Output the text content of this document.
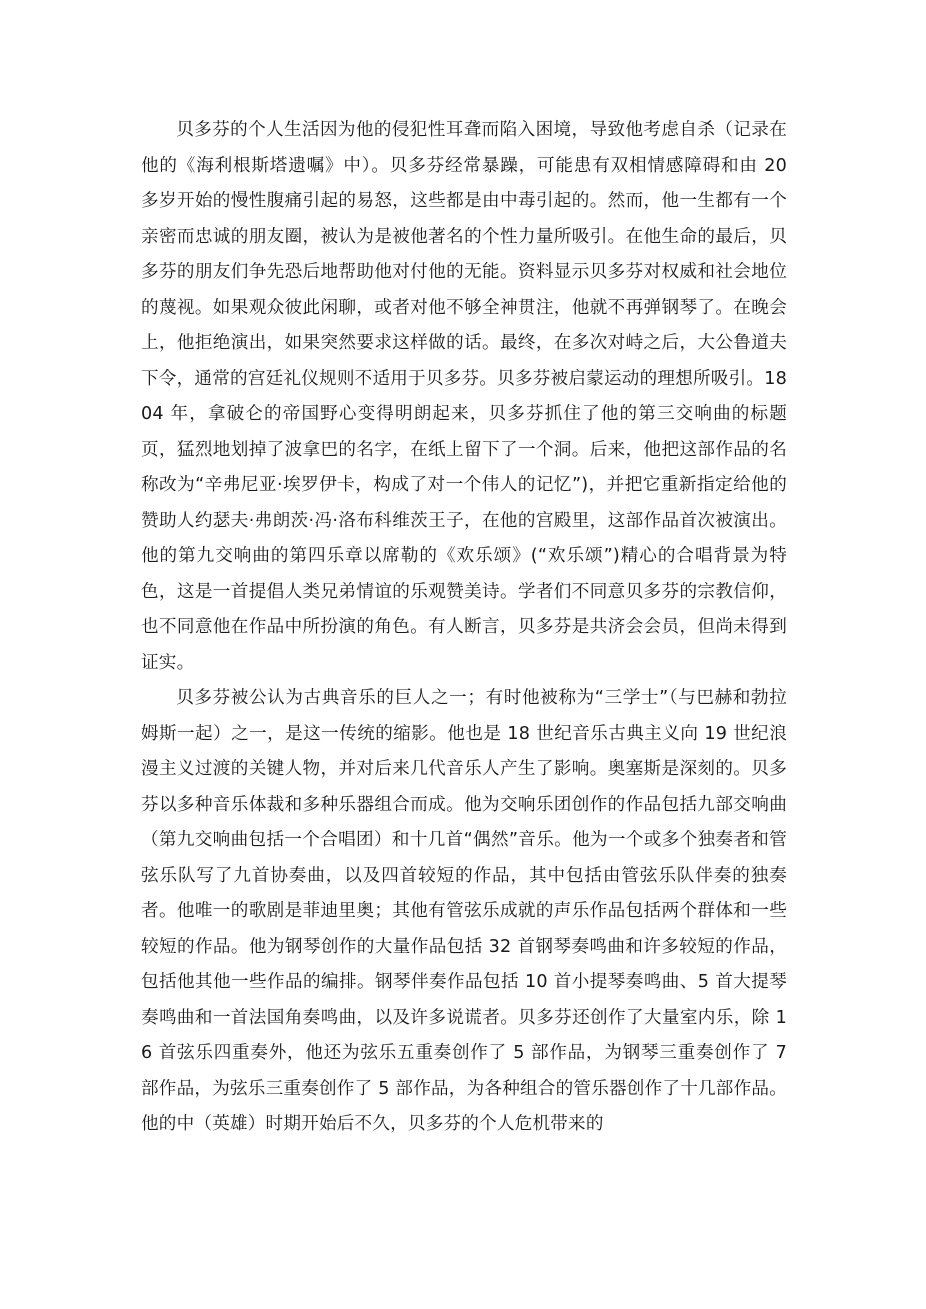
贝多芬的个人生活因为他的侵犯性耳聋而陷入困境，导致他考虑自杀（记录在他的《海利根斯塔遗嘱》中）。贝多芬经常暴躁，可能患有双相情感障碍和由 20 多岁开始的慢性腹痛引起的易怒，这些都是由中毒引起的。然而，他一生都有一个亲密而忠诚的朋友圈，被认为是被他著名的个性力量所吸引。在他生命的最后，贝多芬的朋友们争先恐后地帮助他对付他的无能。资料显示贝多芬对权威和社会地位的蔑视。如果观众彼此闲聊，或者对他不够全神贯注，他就不再弹钢琴了。在晚会上，他拒绝演出，如果突然要求这样做的话。最终，在多次对峙之后，大公鲁道夫下令，通常的宫廷礼仪规则不适用于贝多芬。贝多芬被启蒙运动的理想所吸引。1804 年，拿破仑的帝国野心变得明朗起来，贝多芬抓住了他的第三交响曲的标题页，猛烈地划掉了波拿巴的名字，在纸上留下了一个洞。后来，他把这部作品的名称改为“辛弗尼亚·埃罗伊卡，构成了对一个伟人的记忆”)，并把它重新指定给他的赞助人约瑟夫·弗朗茨·冯·洛布科维茨王子，在他的宫殿里，这部作品首次被演出。他的第九交响曲的第四乐章以席勒的《欢乐颂》(“欢乐颂”)精心的合唱背景为特色，这是一首提倡人类兄弟情谊的乐观赞美诗。学者们不同意贝多芬的宗教信仰，也不同意他在作品中所扮演的角色。有人断言，贝多芬是共济会会员，但尚未得到证实。

贝多芬被公认为古典音乐的巨人之一；有时他被称为“三学士”（与巴赫和勃拉姆斯一起）之一，是这一传统的缩影。他也是 18 世纪音乐古典主义向 19 世纪浪漫主义过渡的关键人物，并对后来几代音乐人产生了影响。奥塞斯是深刻的。贝多芬以多种音乐体裁和多种乐器组合而成。他为交响乐团创作的作品包括九部交响曲（第九交响曲包括一个合唱团）和十几首“偶然”音乐。他为一个或多个独奏者和管弦乐队写了九首协奏曲，以及四首较短的作品，其中包括由管弦乐队伴奏的独奏者。他唯一的歌剧是菲迪里奥；其他有管弦乐成就的声乐作品包括两个群体和一些较短的作品。他为钢琴创作的大量作品包括 32 首钢琴奏鸣曲和许多较短的作品，包括他其他一些作品的编排。钢琴伴奏作品包括 10 首小提琴奏鸣曲、5 首大提琴奏鸣曲和一首法国角奏鸣曲，以及许多说谎者。贝多芬还创作了大量室内乐，除 16 首弦乐四重奏外，他还为弦乐五重奏创作了 5 部作品，为钢琴三重奏创作了 7 部作品，为弦乐三重奏创作了 5 部作品，为各种组合的管乐器创作了十几部作品。他的中（英雄）时期开始后不久，贝多芬的个人危机带来的
